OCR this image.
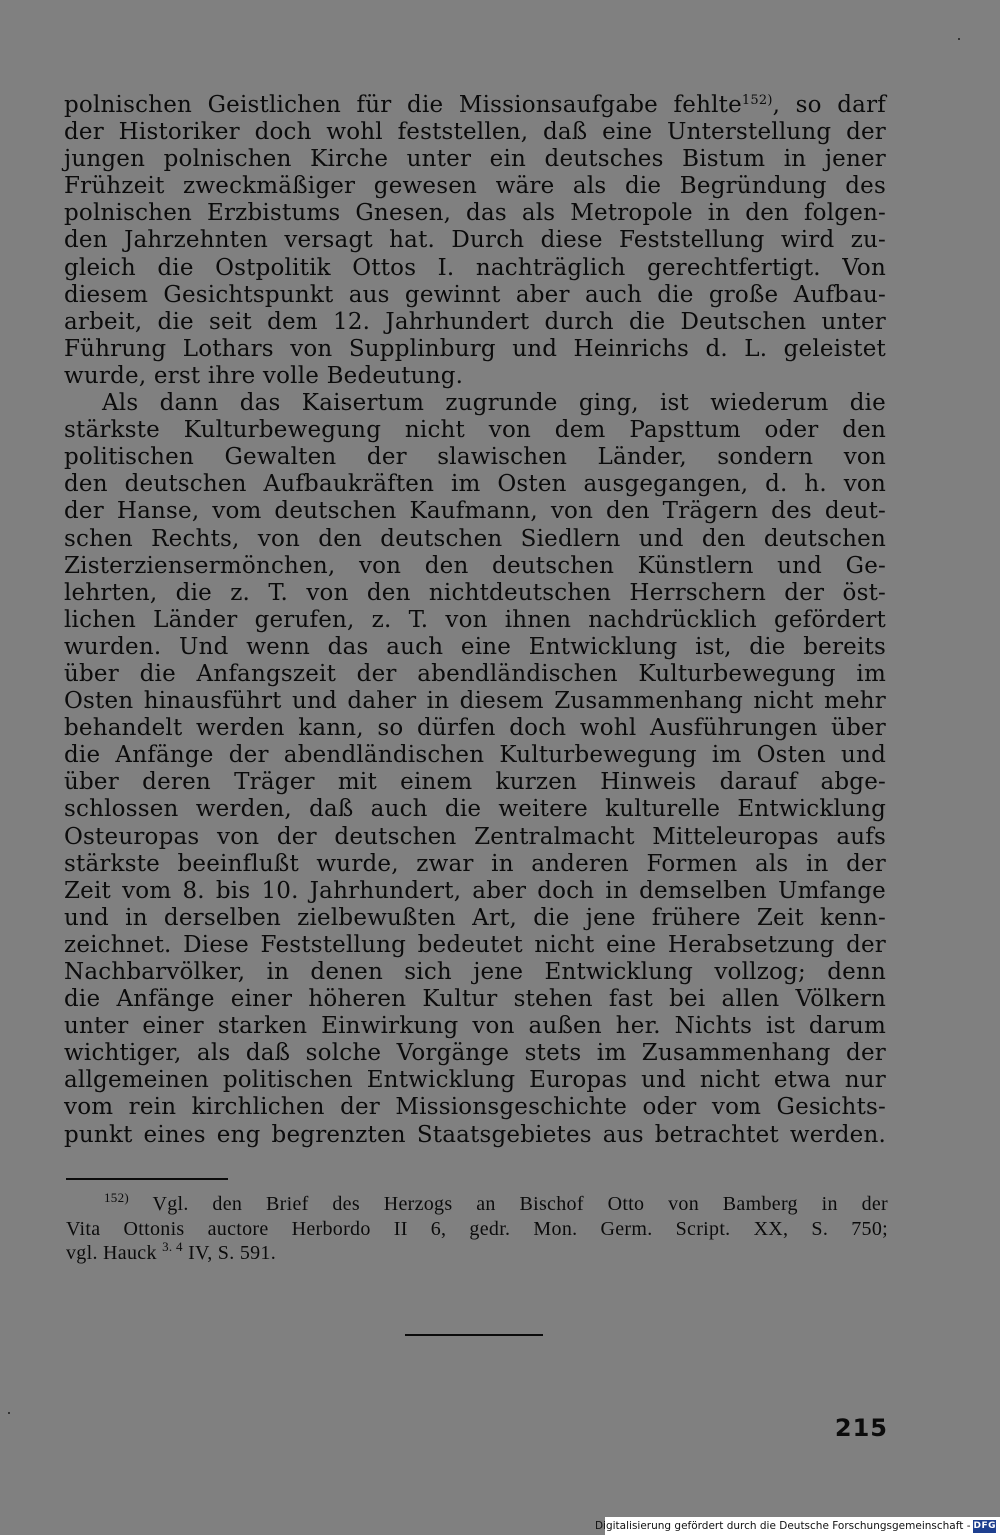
polnischen Geistlichen für die Missionsaufgabe fehlte$^{152)}$, so darf
der Historiker doch wohl feststellen, daß eine Unterstellung der
jungen polnischen Kirche unter ein deutsches Bistum in jener
Frühzeit zweckmäßiger gewesen wäre als die Begründung des
polnischen Erzbistums Gnesen, das als Metropole in den folgen-
den Jahrzehnten versagt hat. Durch diese Feststellung wird zu-
gleich die Ostpolitik Ottos I. nachträglich gerechtfertigt. Von
diesem Gesichtspunkt aus gewinnt aber auch die große Aufbau-
arbeit, die seit dem 12. Jahrhundert durch die Deutschen unter
Führung Lothars von Supplinburg und Heinrichs d. L. geleistet
wurde, erst ihre volle Bedeutung.

Als dann das Kaisertum zugrunde ging, ist wiederum die
stärkste Kulturbewegung nicht von dem Papsttum oder den
politischen Gewalten der slawischen Länder, sondern von
den deutschen Aufbaukräften im Osten ausgegangen, d. h. von
der Hanse, vom deutschen Kaufmann, von den Trägern des deut-
schen Rechts, von den deutschen Siedlern und den deutschen
Zisterziensermönchen, von den deutschen Künstlern und Ge-
lehrten, die z. T. von den nichtdeutschen Herrschern der öst-
lichen Länder gerufen, z. T. von ihnen nachdrücklich gefördert
wurden. Und wenn das auch eine Entwicklung ist, die bereits
über die Anfangszeit der abendländischen Kulturbewegung im
Osten hinausführt und daher in diesem Zusammenhang nicht mehr
behandelt werden kann, so dürfen doch wohl Ausführungen über
die Anfänge der abendländischen Kulturbewegung im Osten und
über deren Träger mit einem kurzen Hinweis darauf abge-
schlossen werden, daß auch die weitere kulturelle Entwicklung
Osteuropas von der deutschen Zentralmacht Mitteleuropas aufs
stärkste beeinflußt wurde, zwar in anderen Formen als in der
Zeit vom 8. bis 10. Jahrhundert, aber doch in demselben Umfange
und in derselben zielbewußten Art, die jene frühere Zeit kenn-
zeichnet. Diese Feststellung bedeutet nicht eine Herabsetzung der
Nachbarvölker, in denen sich jene Entwicklung vollzog; denn
die Anfänge einer höheren Kultur stehen fast bei allen Völkern
unter einer starken Einwirkung von außen her. Nichts ist darum
wichtiger, als daß solche Vorgänge stets im Zusammenhang der
allgemeinen politischen Entwicklung Europas und nicht etwa nur
vom rein kirchlichen der Missionsgeschichte oder vom Gesichts-
punkt eines eng begrenzten Staatsgebietes aus betrachtet werden.

$^{152)}$ Vgl. den Brief des Herzogs an Bischof Otto von Bamberg in der
Vita Ottonis auctore Herbordo II 6, gedr. Mon. Germ. Script. XX, S. 750;
vgl. Hauck $^{3. 4}$ IV, S. 591.
215
Digitalisierung gefördert durch die Deutsche Forschungsgemeinschaft - DFG
